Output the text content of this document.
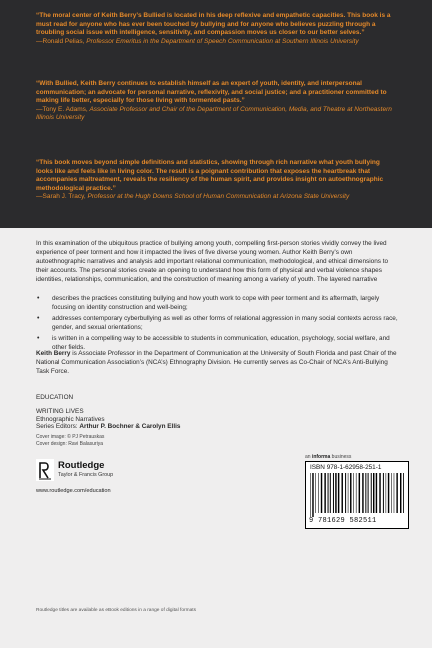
“The moral center of Keith Berry’s Bullied is located in his deep reflexive and empathetic capacities. This book is a must read for anyone who has ever been touched by bullying and for anyone who believes puzzling through a troubling social issue with intelligence, sensitivity, and compassion moves us closer to our better selves.”
—Ronald Pelias, Professor Emeritus in the Department of Speech Communication at Southern Illinois University
“With Bullied, Keith Berry continues to establish himself as an expert of youth, identity, and interpersonal communication; an advocate for personal narrative, reflexivity, and social justice; and a practitioner committed to making life better, especially for those living with tormented pasts.”
—Tony E. Adams, Associate Professor and Chair of the Department of Communication, Media, and Theatre at Northeastern Illinois University
“This book moves beyond simple definitions and statistics, showing through rich narrative what youth bullying looks like and feels like in living color. The result is a poignant contribution that exposes the heartbreak that accompanies maltreatment, reveals the resiliency of the human spirit, and provides insight on autoethnographic methodological practice.”
—Sarah J. Tracy, Professor at the Hugh Downs School of Human Communication at Arizona State University

In this examination of the ubiquitous practice of bullying among youth, compelling first-person stories vividly convey the lived experience of peer torment and how it impacted the lives of five diverse young women. Author Keith Berry’s own autoethnographic narratives and analysis add important relational communication, methodological, and ethical dimensions to their accounts. The personal stories create an opening to understand how this form of physical and verbal violence shapes identities, relationships, communication, and the construction of meaning among a variety of youth. The layered narrative

• describes the practices constituting bullying and how youth work to cope with peer torment and its aftermath, largely focusing on identity construction and well-being;
• addresses contemporary cyberbullying as well as other forms of relational aggression in many social contexts across race, gender, and sexual orientations;
• is written in a compelling way to be accessible to students in communication, education, psychology, social welfare, and other fields.
Keith Berry is Associate Professor in the Department of Communication at the University of South Florida and past Chair of the National Communication Association’s (NCA’s) Ethnography Division. He currently serves as Co-Chair of NCA’s Anti-Bullying Task Force.
EDUCATION
WRITING LIVES
Ethnographic Narratives
Series Editors: Arthur P. Bochner & Carolyn Ellis
Cover image: © PJ Petrauskas
Cover design: Ravi Balasuriya
Routledge
Taylor & Francis Group
www.routledge.com/education
an informa business
ISBN 978-1-62958-251-1
9 781629 582511
Routledge titles are available as eBook editions in a range of digital formats
